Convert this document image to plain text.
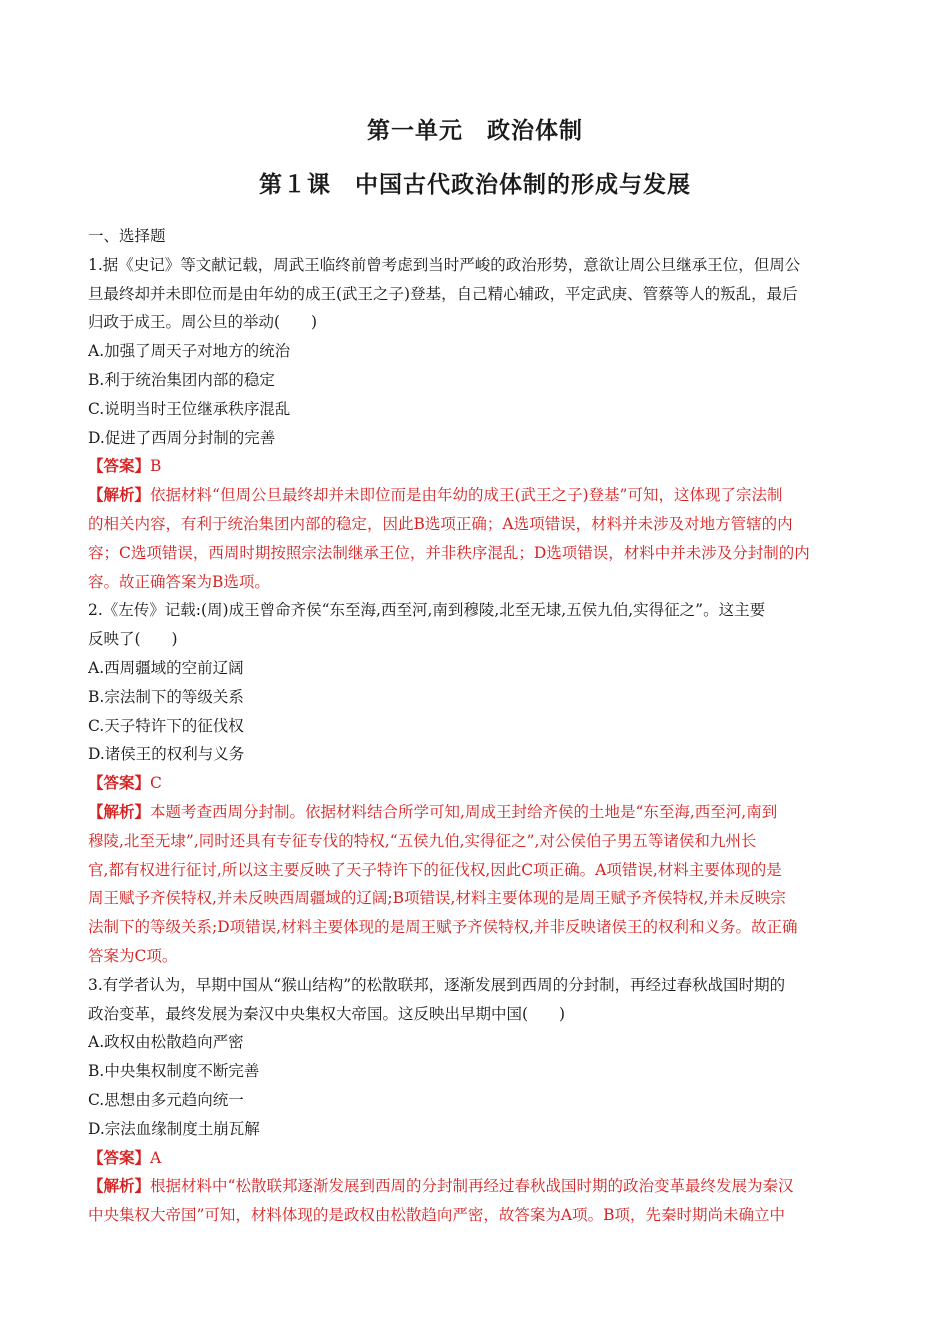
第一单元　政治体制
第１课　中国古代政治体制的形成与发展
一、选择题
1.据《史记》等文献记载，周武王临终前曾考虑到当时严峻的政治形势，意欲让周公旦继承王位，但周公
旦最终却并未即位而是由年幼的成王(武王之子)登基，自己精心辅政，平定武庚、管蔡等人的叛乱，最后
归政于成王。周公旦的举动(　　)
A.加强了周天子对地方的统治
B.利于统治集团内部的稳定
C.说明当时王位继承秩序混乱
D.促进了西周分封制的完善
【答案】B
【解析】依据材料“但周公旦最终却并未即位而是由年幼的成王(武王之子)登基”可知，这体现了宗法制
的相关内容，有利于统治集团内部的稳定，因此B选项正确；A选项错误，材料并未涉及对地方管辖的内
容；C选项错误，西周时期按照宗法制继承王位，并非秩序混乱；D选项错误，材料中并未涉及分封制的内
容。故正确答案为B选项。
2.《左传》记载:(周)成王曾命齐侯“东至海,西至河,南到穆陵,北至无埭,五侯九伯,实得征之”。这主要
反映了(　　)
A.西周疆域的空前辽阔
B.宗法制下的等级关系
C.天子特许下的征伐权
D.诸侯王的权利与义务
【答案】C
【解析】本题考查西周分封制。依据材料结合所学可知,周成王封给齐侯的土地是“东至海,西至河,南到
穆陵,北至无埭”,同时还具有专征专伐的特权,“五侯九伯,实得征之”,对公侯伯子男五等诸侯和九州长
官,都有权进行征讨,所以这主要反映了天子特许下的征伐权,因此C项正确。A项错误,材料主要体现的是
周王赋予齐侯特权,并未反映西周疆域的辽阔;B项错误,材料主要体现的是周王赋予齐侯特权,并未反映宗
法制下的等级关系;D项错误,材料主要体现的是周王赋予齐侯特权,并非反映诸侯王的权利和义务。故正确
答案为C项。
3.有学者认为，早期中国从“猴山结构”的松散联邦，逐渐发展到西周的分封制，再经过春秋战国时期的
政治变革，最终发展为秦汉中央集权大帝国。这反映出早期中国(　　)
A.政权由松散趋向严密
B.中央集权制度不断完善
C.思想由多元趋向统一
D.宗法血缘制度土崩瓦解
【答案】A
【解析】根据材料中“松散联邦逐渐发展到西周的分封制再经过春秋战国时期的政治变革最终发展为秦汉
中央集权大帝国”可知，材料体现的是政权由松散趋向严密，故答案为A项。B项，先秦时期尚未确立中
